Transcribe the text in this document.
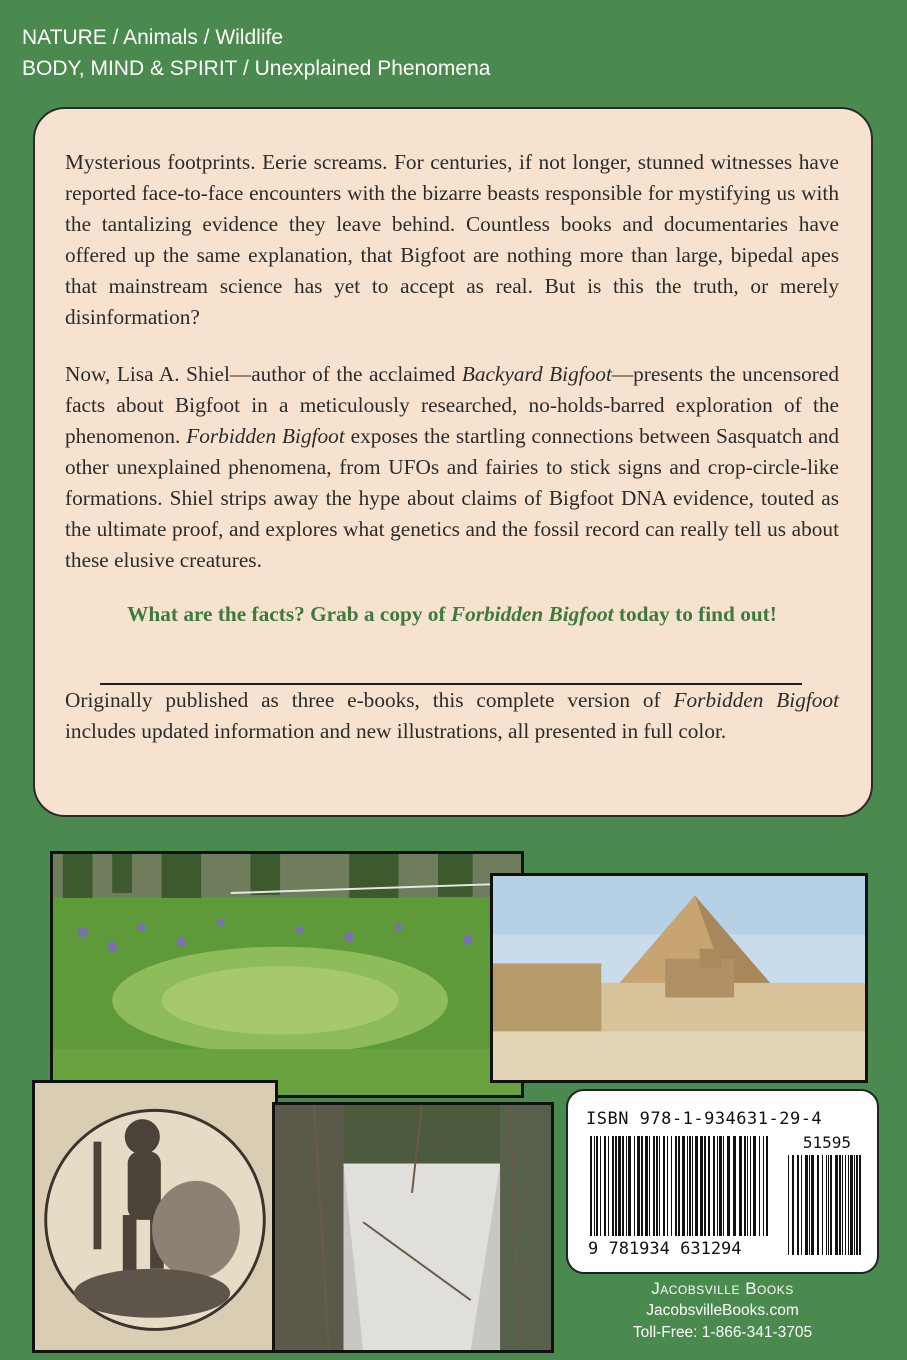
NATURE / Animals / Wildlife
BODY, MIND & SPIRIT / Unexplained Phenomena

Mysterious footprints. Eerie screams. For centuries, if not longer, stunned witnesses have reported face-to-face encounters with the bizarre beasts responsible for mystifying us with the tantalizing evidence they leave behind. Countless books and documentaries have offered up the same explanation, that Bigfoot are nothing more than large, bipedal apes that mainstream science has yet to accept as real. But is this the truth, or merely disinformation?

Now, Lisa A. Shiel—author of the acclaimed Backyard Bigfoot—presents the uncensored facts about Bigfoot in a meticulously researched, no-holds-barred exploration of the phenomenon. Forbidden Bigfoot exposes the startling connections between Sasquatch and other unexplained phenomena, from UFOs and fairies to stick signs and crop-circle-like formations. Shiel strips away the hype about claims of Bigfoot DNA evidence, touted as the ultimate proof, and explores what genetics and the fossil record can really tell us about these elusive creatures.

What are the facts? Grab a copy of Forbidden Bigfoot today to find out!

Originally published as three e-books, this complete version of Forbidden Bigfoot includes updated information and new illustrations, all presented in full color.

ISBN 978-1-934631-29-4
51595
9 781934 631294
Jacobsville Books
JacobsvilleBooks.com
Toll-Free: 1-866-341-3705
